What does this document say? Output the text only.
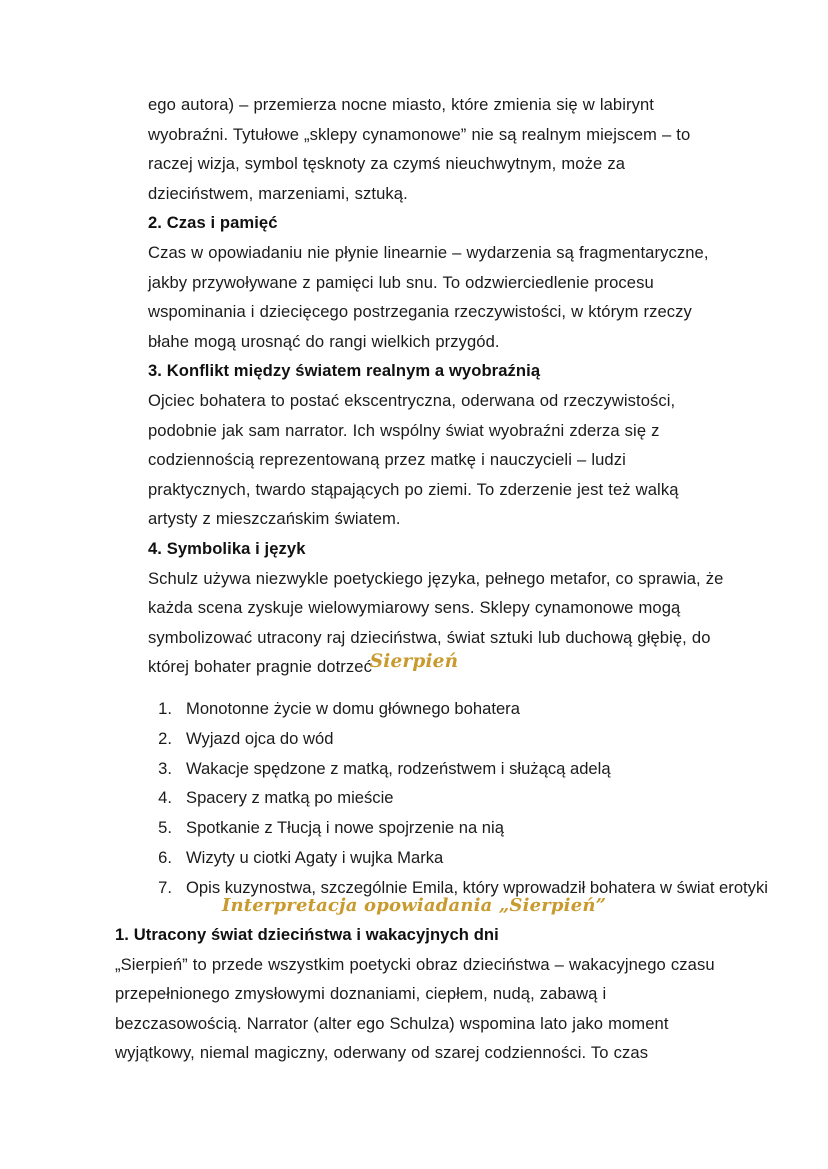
ego autora) – przemierza nocne miasto, które zmienia się w labirynt wyobraźni. Tytułowe „sklepy cynamonowe” nie są realnym miejscem – to raczej wizja, symbol tęsknoty za czymś nieuchwytnym, może za dzieciństwem, marzeniami, sztuką.

2. Czas i pamięć

Czas w opowiadaniu nie płynie linearnie – wydarzenia są fragmentaryczne, jakby przywoływane z pamięci lub snu. To odzwierciedlenie procesu wspominania i dziecięcego postrzegania rzeczywistości, w którym rzeczy błahe mogą urosnąć do rangi wielkich przygód.

3. Konflikt między światem realnym a wyobraźnią

Ojciec bohatera to postać ekscentryczna, oderwana od rzeczywistości, podobnie jak sam narrator. Ich wspólny świat wyobraźni zderza się z codziennością reprezentowaną przez matkę i nauczycieli – ludzi praktycznych, twardo stąpających po ziemi. To zderzenie jest też walką artysty z mieszczańskim światem.

4. Symbolika i język

Schulz używa niezwykle poetyckiego języka, pełnego metafor, co sprawia, że każda scena zyskuje wielowymiarowy sens. Sklepy cynamonowe mogą symbolizować utracony raj dzieciństwa, świat sztuki lub duchową głębię, do której bohater pragnie dotrzeć

Sierpień
1. Monotonne życie w domu głównego bohatera
2. Wyjazd ojca do wód
3. Wakacje spędzone z matką, rodzeństwem i służącą adelą
4. Spacery z matką po mieście
5. Spotkanie z Tłucją i nowe spojrzenie na nią
6. Wizyty u ciotki Agaty i wujka Marka
7. Opis kuzynostwa, szczególnie Emila, który wprowadził bohatera w świat erotyki
Interpretacja opowiadania „Sierpień”
1. Utracony świat dzieciństwa i wakacyjnych dni

„Sierpień” to przede wszystkim poetycki obraz dzieciństwa – wakacyjnego czasu przepełnionego zmysłowymi doznaniami, ciepłem, nudą, zabawą i bezczasowością. Narrator (alter ego Schulza) wspomina lato jako moment wyjątkowy, niemal magiczny, oderwany od szarej codzienności. To czas
